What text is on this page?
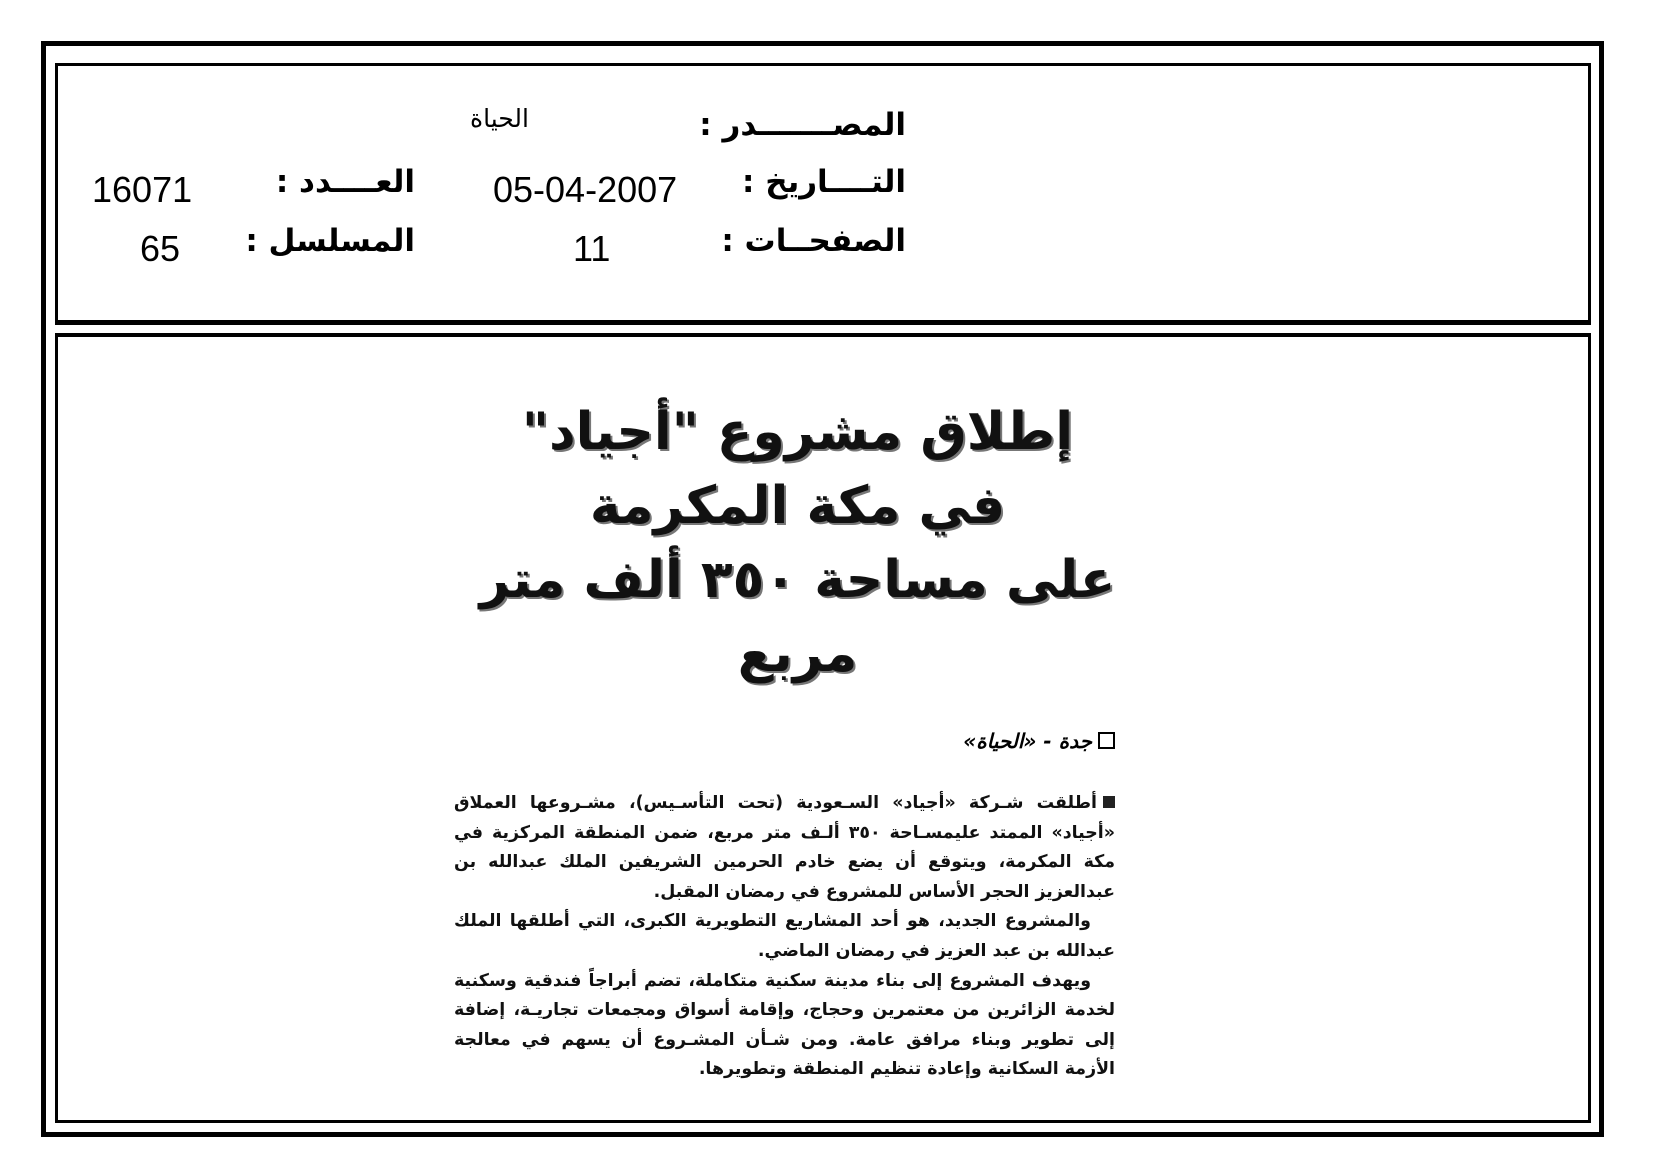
المصـــــــدر :
الحياة
التــــاريخ :
05-04-2007
العــــدد :
16071
الصفحــات :
11
المسلسل :
65
إطلاق مشروع "أجياد" في مكة المكرمة
على مساحة ٣٥٠ ألف متر مربع
جدة - «الحياة»

أطلقت شـركة «أجياد» السـعودية (تحت التأسـيس)، مشـروعها العملاق «أجياد» الممتد عليمسـاحة ٣٥٠ ألـف متر مربع، ضمن المنطقة المركزية في مكة المكرمة، ويتوقع أن يضع خادم الحرمين الشريفين الملك عبدالله بن عبدالعزيز الحجر الأساس للمشروع في رمضان المقبل.

والمشروع الجديد، هو أحد المشاريع التطويرية الكبرى، التي أطلقها الملك عبدالله بن عبد العزيز في رمضان الماضي.

ويهدف المشروع إلى بناء مدينة سكنية متكاملة، تضم أبراجاً فندقية وسكنية لخدمة الزائرين من معتمرين وحجاج، وإقامة أسواق ومجمعات تجاريـة، إضافة إلى تطوير وبناء مرافق عامة. ومن شـأن المشـروع أن يسهم في معالجة الأزمة السكانية وإعادة تنظيم المنطقة وتطويرها.
